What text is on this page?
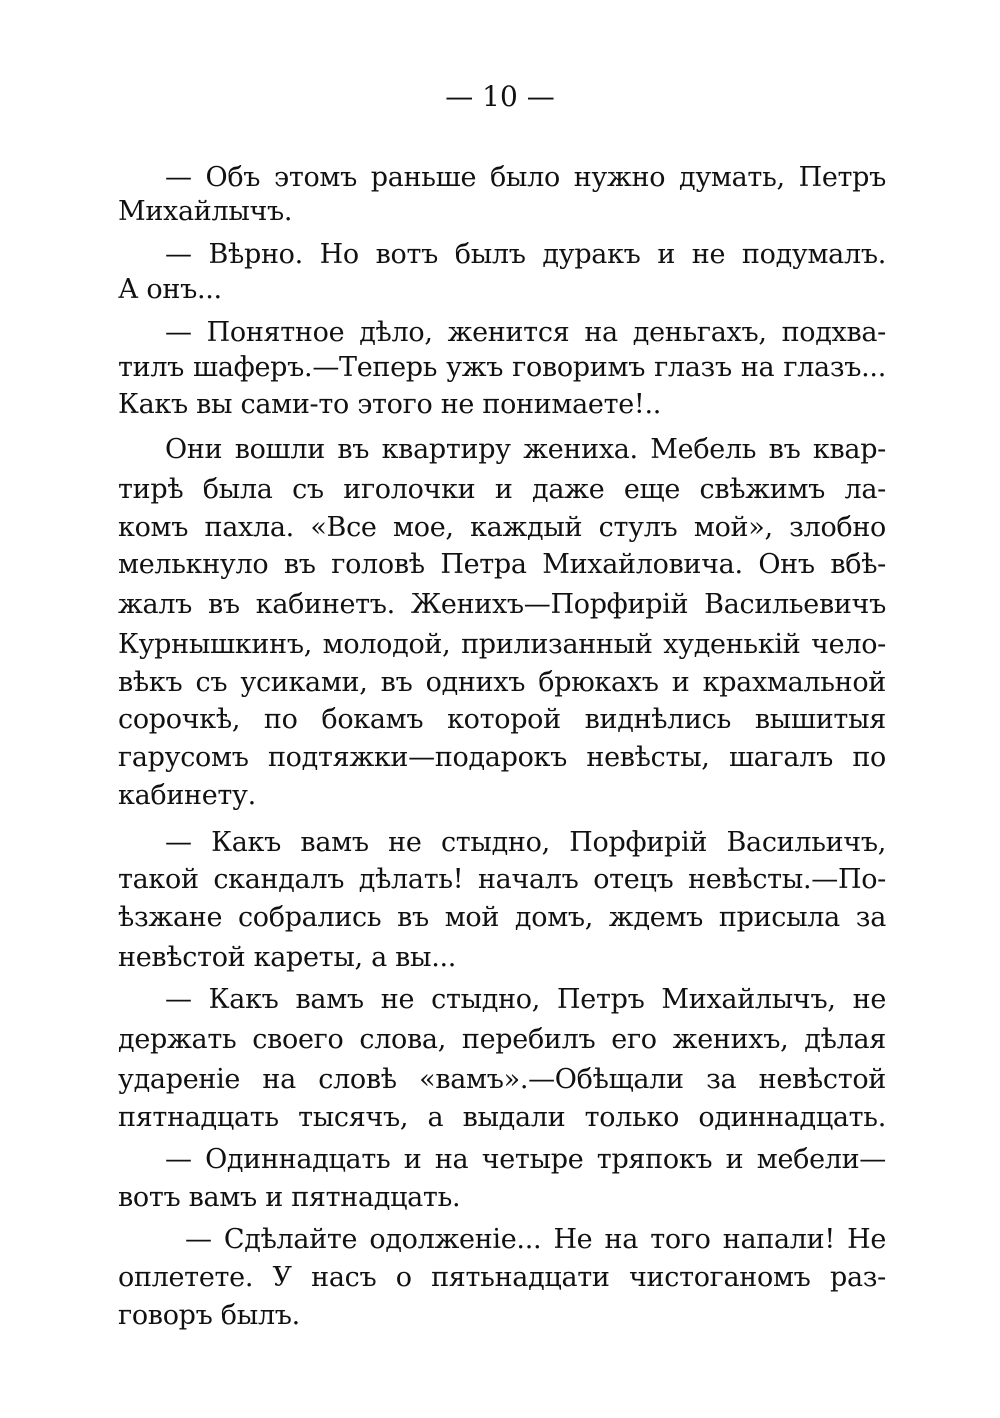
— 10 —
— Объ этомъ раньше было нужно думать, Петръ
Михайлычъ.
— Вѣрно. Но вотъ былъ дуракъ и не подумалъ.
А онъ...
— Понятное дѣло, женится на деньгахъ, подхва-
тилъ шаферъ.—Теперь ужъ говоримъ глазъ на глазъ...
Какъ вы сами-то этого не понимаете!..
Они вошли въ квартиру жениха. Мебель въ квар-
тирѣ была съ иголочки и даже еще свѣжимъ ла-
комъ пахла. «Все мое, каждый стулъ мой», злобно
мелькнуло въ головѣ Петра Михайловича. Онъ вбѣ-
жалъ въ кабинетъ. Женихъ—Порфирій Васильевичъ
Курнышкинъ, молодой, прилизанный худенькій чело-
вѣкъ съ усиками, въ однихъ брюкахъ и крахмальной
сорочкѣ, по бокамъ которой виднѣлись вышитыя
гарусомъ подтяжки—подарокъ невѣсты, шагалъ по
кабинету.
— Какъ вамъ не стыдно, Порфирій Васильичъ,
такой скандалъ дѣлать! началъ отецъ невѣсты.—По-
ѣзжане собрались въ мой домъ, ждемъ присыла за
невѣстой кареты, а вы...
— Какъ вамъ не стыдно, Петръ Михайлычъ, не
держать своего слова, перебилъ его женихъ, дѣлая
удареніе на словѣ «вамъ».—Обѣщали за невѣстой
пятнадцать тысячъ, а выдали только одиннадцать.
— Одиннадцать и на четыре тряпокъ и мебели—
вотъ вамъ и пятнадцать.
— Сдѣлайте одолженіе... Не на того напали! Не
оплетете. У насъ о пятьнадцати чистоганомъ раз-
говоръ былъ.
